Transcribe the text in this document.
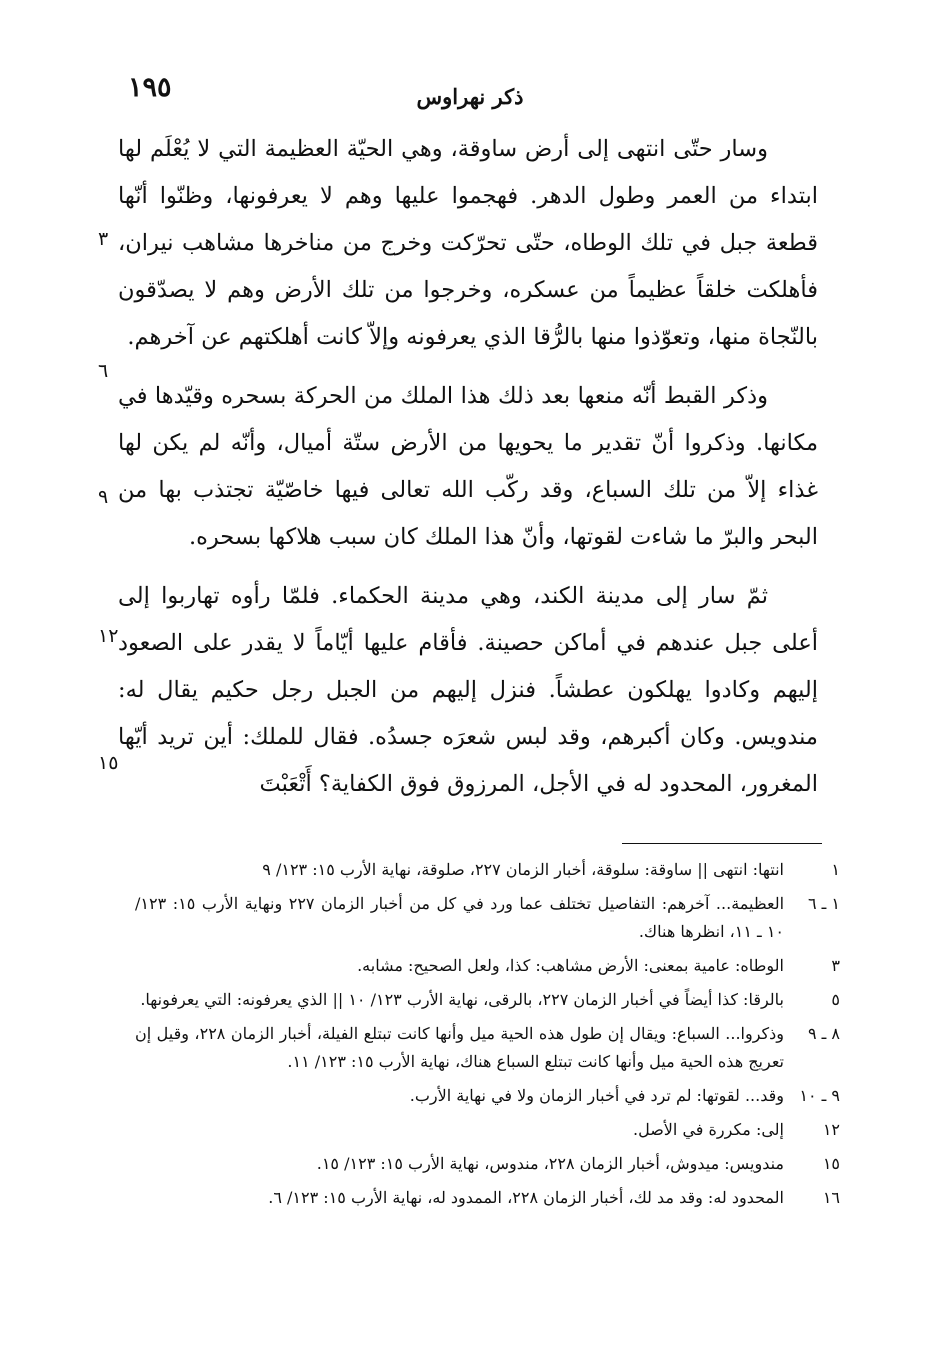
١٩٥	ذكر نهراوس

وسار حتّى انتهى إلى أرض ساوقة، وهي الحيّة العظيمة التي لا يُعْلَم لها ابتداء من العمر وطول الدهر. فهجموا عليها وهم لا يعرفونها، وظنّوا أنّها قطعة جبل في تلك الوطاه، حتّى تحرّكت وخرج من مناخرها مشاهب نيران، فأهلكت خلقاً عظيماً من عسكره، وخرجوا من تلك الأرض وهم لا يصدّقون بالنّجاة منها، وتعوّذوا منها بالرُّقا الذي يعرفونه وإلاّ كانت أهلكتهم عن آخرهم.

وذكر القبط أنّه منعها بعد ذلك هذا الملك من الحركة بسحره وقيّدها في مكانها. وذكروا أنّ تقدير ما يحويها من الأرض ستّة أميال، وأنّه لم يكن لها غذاء إلاّ من تلك السباع، وقد ركّب الله تعالى فيها خاصّيّة تجتذب بها من البحر والبرّ ما شاءت لقوتها، وأنّ هذا الملك كان سبب هلاكها بسحره.

ثمّ سار إلى مدينة الكند، وهي مدينة الحكماء. فلمّا رأوه تهاربوا إلى أعلى جبل عندهم في أماكن حصينة. فأقام عليها أيّاماً لا يقدر على الصعود إليهم وكادوا يهلكون عطشاً. فنزل إليهم من الجبل رجل حكيم يقال له: مندويس. وكان أكبرهم، وقد لبس شعرَه جسدُه. فقال للملك: أين تريد أيّها المغرور، المحدود له في الأجل، المرزوق فوق الكفاية؟ أَتْعَبْتَ

٣
٦
٩
١٢
١٥
١
انتها: انتهى || ساوقة: سلوقة، أخبار الزمان ٢٢٧، صلوقة، نهاية الأرب ١٥: ١٢٣/ ٩
١ ـ ٦
العظيمة... آخرهم: التفاصيل تختلف عما ورد في كل من أخبار الزمان ٢٢٧ ونهاية الأرب ١٥: ١٢٣/ ١٠ ـ ١١، انظرها هناك.
٣
الوطاه: عامية بمعنى: الأرض مشاهب: كذا، ولعل الصحيح: مشابه.
٥
بالرقا: كذا أيضاً في أخبار الزمان ٢٢٧، بالرقى، نهاية الأرب ١٢٣/ ١٠ || الذي يعرفونه: التي يعرفونها.
٨ ـ ٩
وذكروا... السباع: ويقال إن طول هذه الحية ميل وأنها كانت تبتلع الفيلة، أخبار الزمان ٢٢٨، وقيل إن تعريج هذه الحية ميل وأنها كانت تبتلع السباع هناك، نهاية الأرب ١٥: ١٢٣/ ١١.
٩ ـ ١٠
وقد... لقوتها: لم ترد في أخبار الزمان ولا في نهاية الأرب.
١٢
إلى: مكررة في الأصل.
١٥
مندويس: ميدوش، أخبار الزمان ٢٢٨، مندوس، نهاية الأرب ١٥: ١٢٣/ ١٥.
١٦
المحدود له: وقد مد لك، أخبار الزمان ٢٢٨، الممدود له، نهاية الأرب ١٥: ١٢٣/ ٦.
